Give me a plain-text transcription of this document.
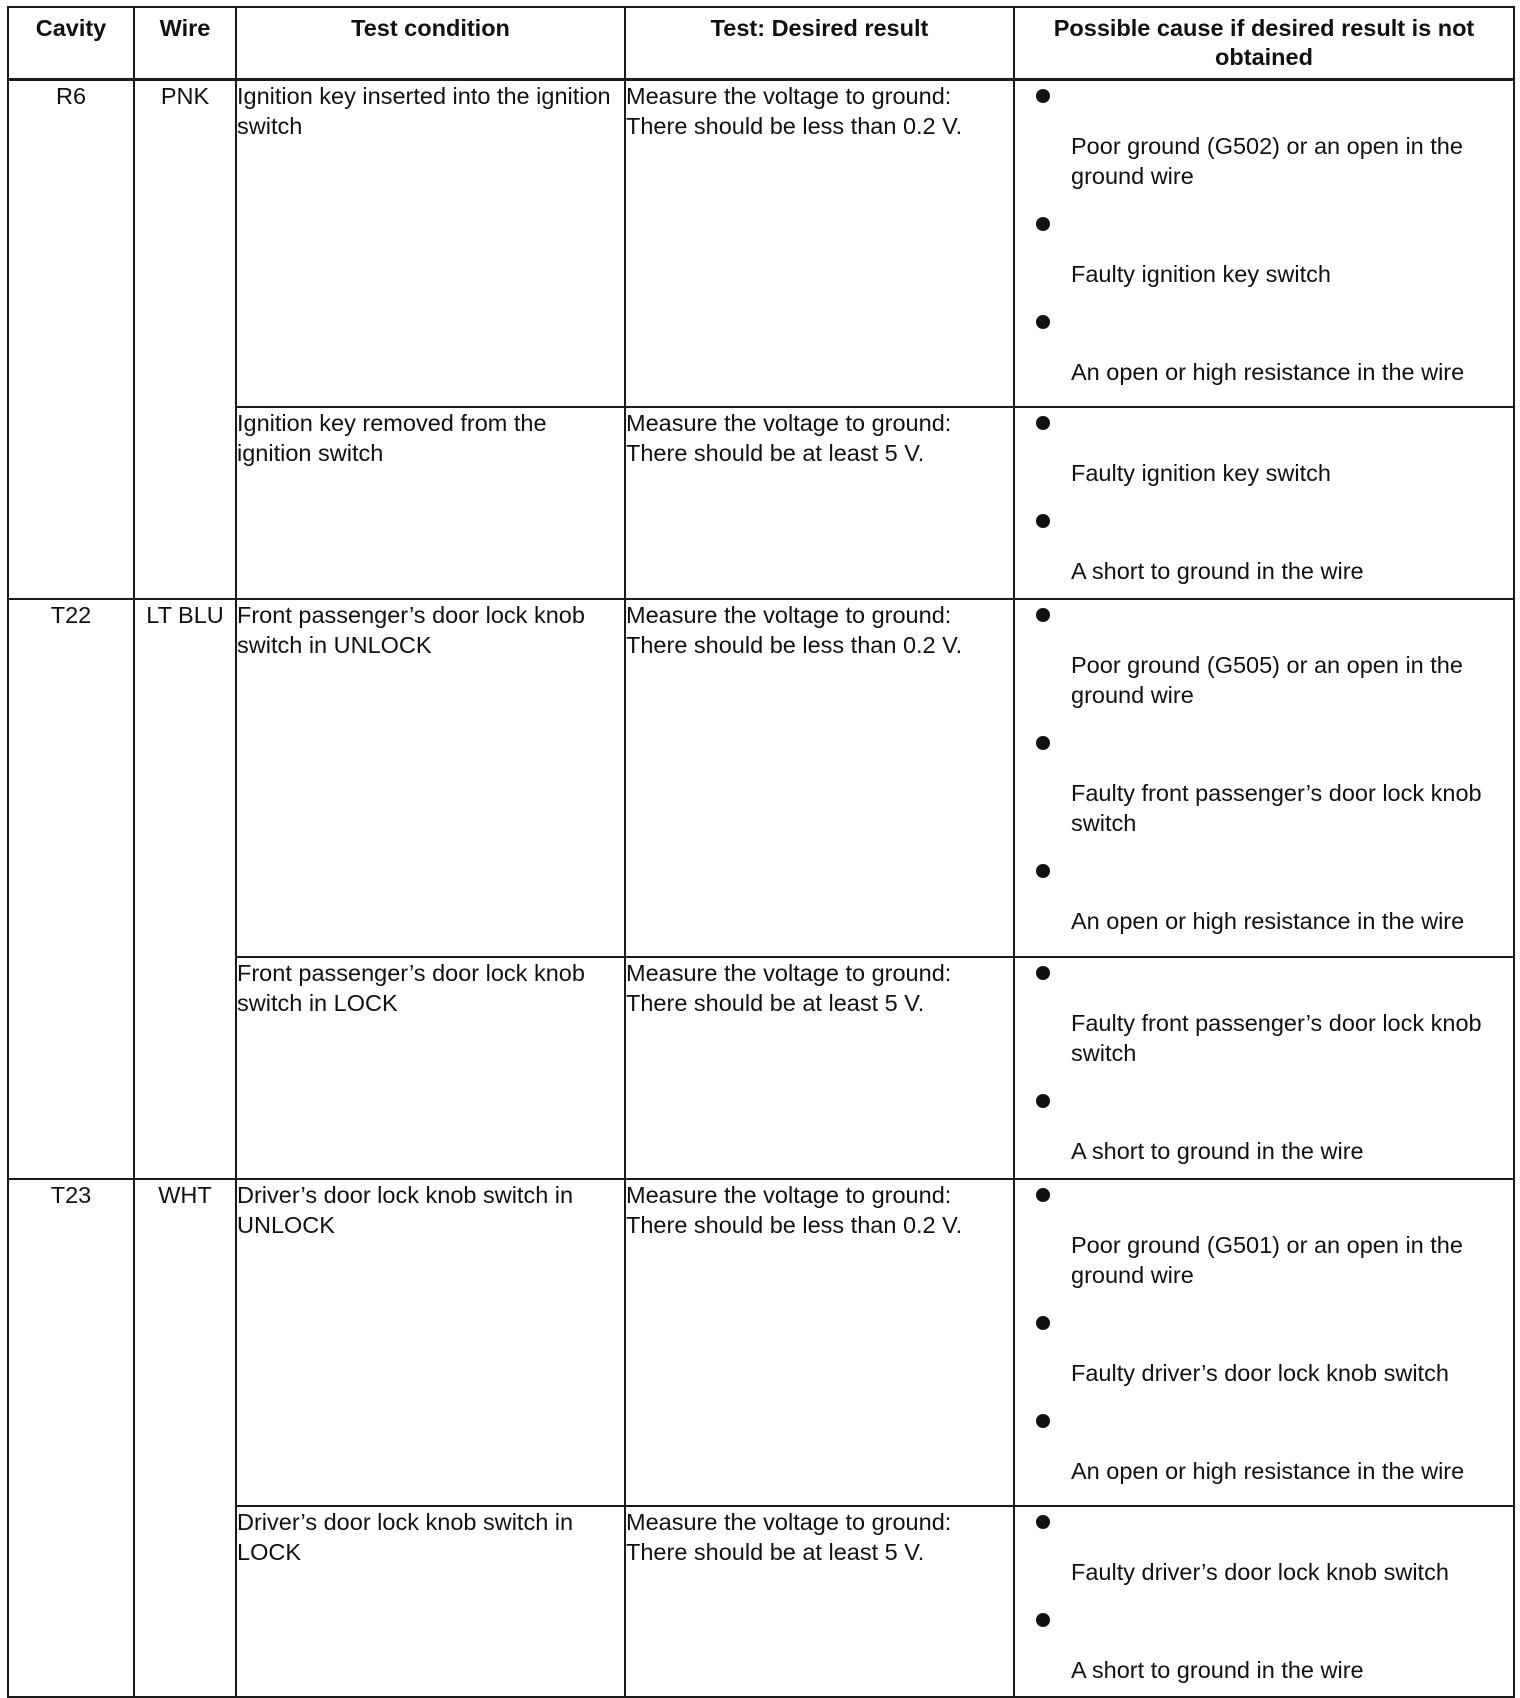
Cavity	Wire	Test condition	Test: Desired result	Possible cause if desired result is not obtained
R6	PNK	Ignition key inserted into the ignition switch	Measure the voltage to ground: There should be less than 0.2 V.	Poor ground (G502) or an open in the ground wire
Faulty ignition key switch
An open or high resistance in the wire

		Ignition key removed from the ignition switch	Measure the voltage to ground: There should be at least 5 V.	Faulty ignition key switch
A short to ground in the wire

T22	LT BLU	Front passenger’s door lock knob switch in UNLOCK	Measure the voltage to ground: There should be less than 0.2 V.	Poor ground (G505) or an open in the ground wire
Faulty front passenger’s door lock knob switch
An open or high resistance in the wire

		Front passenger’s door lock knob switch in LOCK	Measure the voltage to ground: There should be at least 5 V.	Faulty front passenger’s door lock knob switch
A short to ground in the wire

T23	WHT	Driver’s door lock knob switch in UNLOCK	Measure the voltage to ground: There should be less than 0.2 V.	Poor ground (G501) or an open in the ground wire
Faulty driver’s door lock knob switch
An open or high resistance in the wire

		Driver’s door lock knob switch in LOCK	Measure the voltage to ground: There should be at least 5 V.	Faulty driver’s door lock knob switch
A short to ground in the wire
